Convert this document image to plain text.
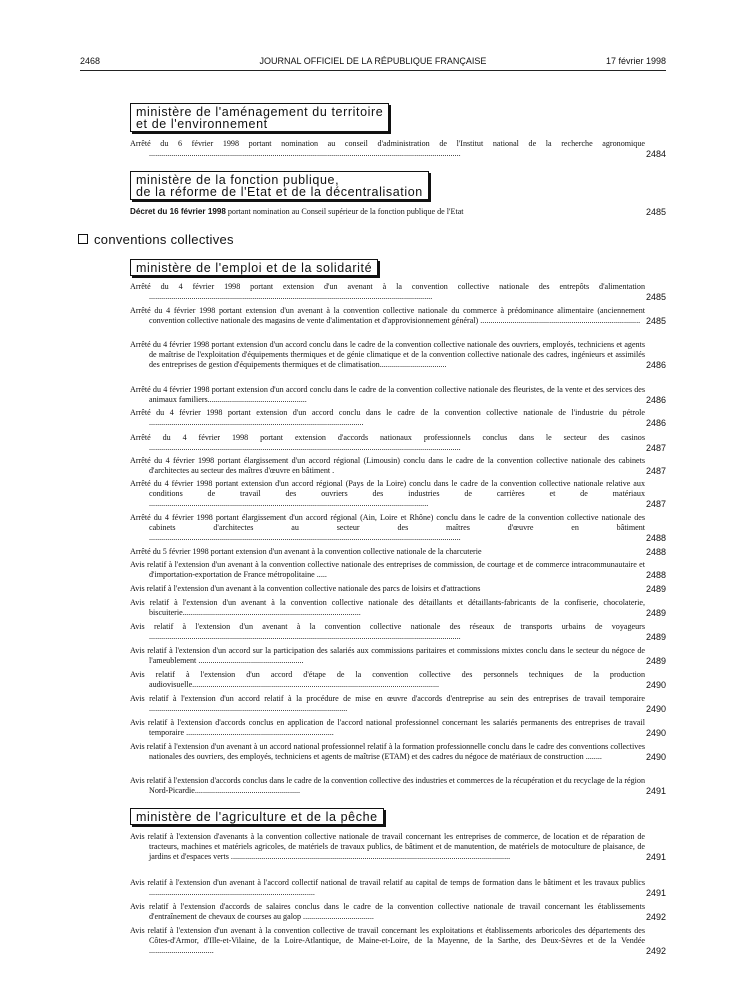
2468	JOURNAL OFFICIEL DE LA RÉPUBLIQUE FRANÇAISE	17 février 1998
ministère de l'aménagement du territoire
et de l'environnement
Arrêté du 6 février 1998 portant nomination au conseil d'administration de l'Institut national de la recherche agronomique ..........................................................................................................................................................	2484
ministère de la fonction publique,
de la réforme de l'Etat et de la décentralisation
Décret du 16 février 1998 portant nomination au Conseil supérieur de la fonction publique de l'Etat	2485
conventions collectives
ministère de l'emploi et de la solidarité
Arrêté du 4 février 1998 portant extension d'un avenant à la convention collective nationale des entrepôts d'alimentation ............................................................................................................................................	2485
Arrêté du 4 février 1998 portant extension d'un avenant à la convention collective nationale du commerce à prédominance alimentaire (anciennement convention collective nationale des magasins de vente d'alimentation et d'approvisionnement général) ............................................................................... 2485
Arrêté du 4 février 1998 portant extension d'un accord conclu dans le cadre de la convention collective nationale des ouvriers, employés, techniciens et agents de maîtrise de l'exploitation d'équipements thermiques et de génie climatique et de la convention collective nationale des cadres, ingénieurs et assimilés des entreprises de gestion d'équipements thermiques et de climatisation.................................	2486
Arrêté du 4 février 1998 portant extension d'un accord conclu dans le cadre de la convention collective nationale des fleuristes, de la vente et des services des animaux familiers.................................................	2486
Arrêté du 4 février 1998 portant extension d'un accord conclu dans le cadre de la convention collective nationale de l'industrie du pétrole ..........................................................................................................	2486
Arrêté du 4 février 1998 portant extension d'accords nationaux professionnels conclus dans le secteur des casinos ..........................................................................................................................................................	2487
Arrêté du 4 février 1998 portant élargissement d'un accord régional (Limousin) conclu dans le cadre de la convention collective nationale des cabinets d'architectes au secteur des maîtres d'œuvre en bâtiment .	2487
Arrêté du 4 février 1998 portant extension d'un accord régional (Pays de la Loire) conclu dans le cadre de la convention collective nationale relative aux conditions de travail des ouvriers des industries de carrières et de matériaux ..........................................................................................................................................	2487
Arrêté du 4 février 1998 portant élargissement d'un accord régional (Ain, Loire et Rhône) conclu dans le cadre de la convention collective nationale des cabinets d'architectes au secteur des maîtres d'œuvre en bâtiment ..........................................................................................................................................................	2488
Arrêté du 5 février 1998 portant extension d'un avenant à la convention collective nationale de la charcuterie	2488
Avis relatif à l'extension d'un avenant à la convention collective nationale des entreprises de commission, de courtage et de commerce intracommunautaire et d'importation-exportation de France métropolitaine .....	2488
Avis relatif à l'extension d'un avenant à la convention collective nationale des parcs de loisirs et d'attractions	2489
Avis relatif à l'extension d'un avenant à la convention collective nationale des détaillants et détaillants-fabricants de la confiserie, chocolaterie, biscuiterie........................................................................................	2489
Avis relatif à l'extension d'un avenant à la convention collective nationale des réseaux de transports urbains de voyageurs ..........................................................................................................................................................	2489
Avis relatif à l'extension d'un accord sur la participation des salariés aux commissions paritaires et commissions mixtes conclu dans le secteur du négoce de l'ameublement ....................................................	2489
Avis relatif à l'extension d'un accord d'étape de la convention collective des personnels techniques de la production audiovisuelle..........................................................................................................................	2490
Avis relatif à l'extension d'un accord relatif à la procédure de mise en œuvre d'accords d'entreprise au sein des entreprises de travail temporaire ..................................................................................................	2490
Avis relatif à l'extension d'accords conclus en application de l'accord national professionnel concernant les salariés permanents des entreprises de travail temporaire .........................................................................	2490
Avis relatif à l'extension d'un avenant à un accord national professionnel relatif à la formation professionnelle conclu dans le cadre des conventions collectives nationales des ouvriers, des employés, techniciens et agents de maîtrise (ETAM) et des cadres du négoce de matériaux de construction ........	2490
Avis relatif à l'extension d'accords conclus dans le cadre de la convention collective des industries et commerces de la récupération et du recyclage de la région Nord-Picardie....................................................	2491
ministère de l'agriculture et de la pêche
Avis relatif à l'extension d'avenants à la convention collective nationale de travail concernant les entreprises de commerce, de location et de réparation de tracteurs, machines et matériels agricoles, de matériels de travaux publics, de bâtiment et de manutention, de matériels de motoculture de plaisance, de jardins et d'espaces verts ..........................................................................................................................................	2491
Avis relatif à l'extension d'un avenant à l'accord collectif national de travail relatif au capital de temps de formation dans le bâtiment et les travaux publics ..................................................................................	2491
Avis relatif à l'extension d'accords de salaires conclus dans le cadre de la convention collective nationale de travail concernant les établissements d'entraînement de chevaux de courses au galop ...................................	2492
Avis relatif à l'extension d'un avenant à la convention collective de travail concernant les exploitations et établissements arboricoles des départements des Côtes-d'Armor, d'Ille-et-Vilaine, de la Loire-Atlantique, de Maine-et-Loire, de la Mayenne, de la Sarthe, des Deux-Sèvres et de la Vendée ................................	2492
